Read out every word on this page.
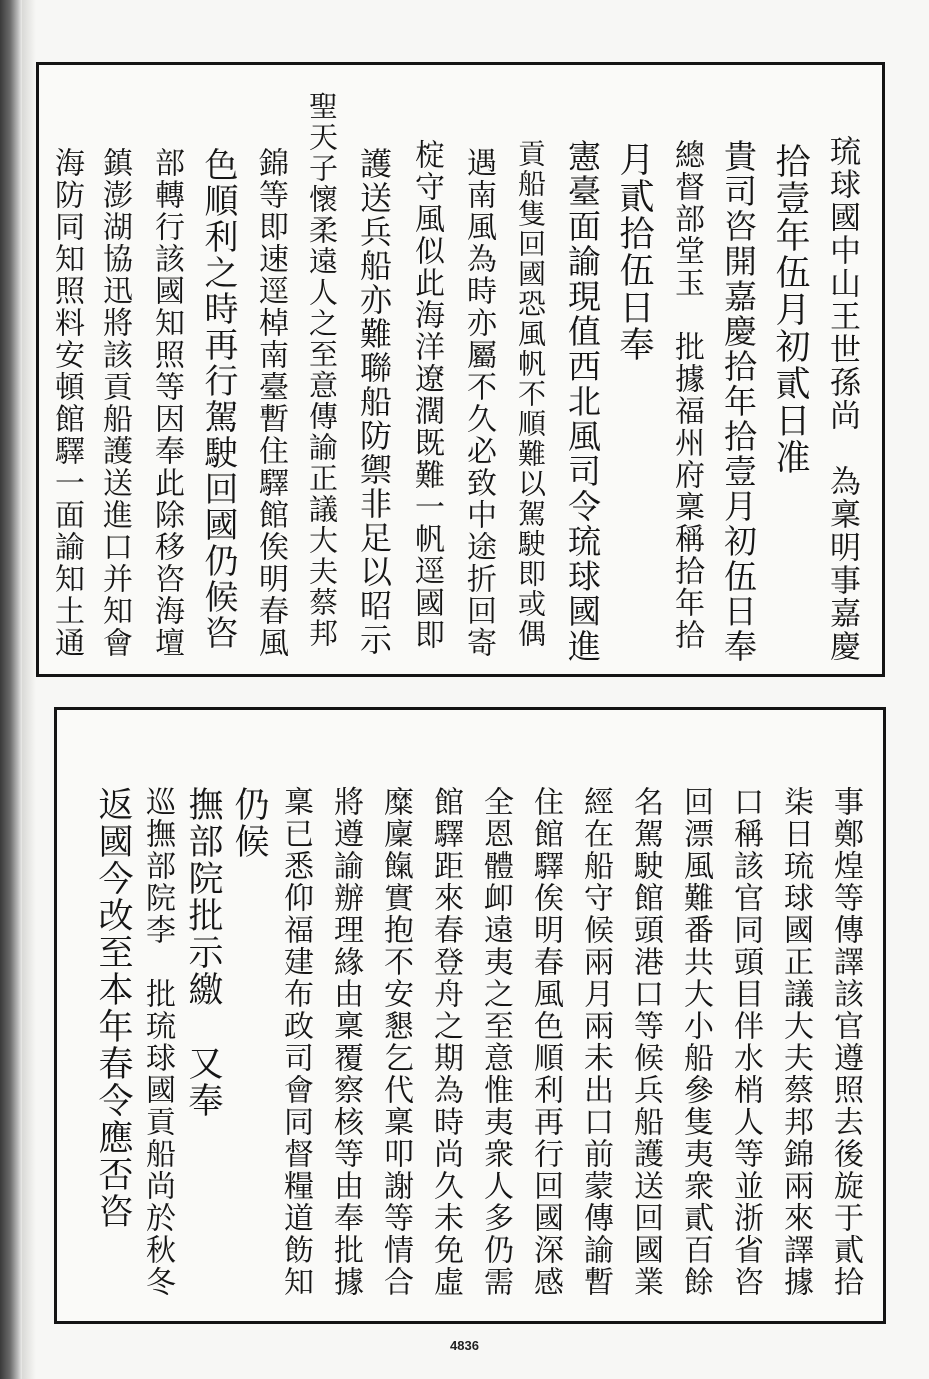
琉球國中山王世孫尚　為稟明事嘉慶
拾壹年伍月初貳日准
貴司咨開嘉慶拾年拾壹月初伍日奉
總督部堂玉　批據福州府稟稱拾年拾
月貳拾伍日奉
憲臺面諭現值西北風司令琉球國進
貢船隻回國恐風帆不順難以駕駛即或偶
遇南風為時亦屬不久必致中途折回寄
椗守風似此海洋遼濶既難一帆逕國即
護送兵船亦難聯船防禦非足以昭示
聖天子懷柔遠人之至意傳諭正議大夫蔡邦
錦等即速逕棹南臺暫住驛館俟明春風
色順利之時再行駕駛回國仍候咨
部轉行該國知照等因奉此除移咨海壇
鎮澎湖協迅將該貢船護送進口并知會
海防同知照料安頓館驛一面諭知土通
事鄭煌等傳譯該官遵照去後旋于貳拾
柒日琉球國正議大夫蔡邦錦兩來譯據
口稱該官同頭目伴水梢人等並浙省咨
回漂風難番共大小船參隻夷衆貳百餘
名駕駛館頭港口等候兵船護送回國業
經在船守候兩月兩未出口前蒙傳諭暫
住館驛俟明春風色順利再行回國深感
全恩體卹遠夷之至意惟夷衆人多仍需
館驛距來春登舟之期為時尚久未免虛
糜廩餼實抱不安懇乞代稟叩謝等情合
將遵諭辦理緣由稟覆察核等由奉批據
稟已悉仰福建布政司會同督糧道飭知
仍候
撫部院批示繳　又奉
巡撫部院李　批琉球國貢船尚於秋冬
返國今改至本年春令應否咨
4836
